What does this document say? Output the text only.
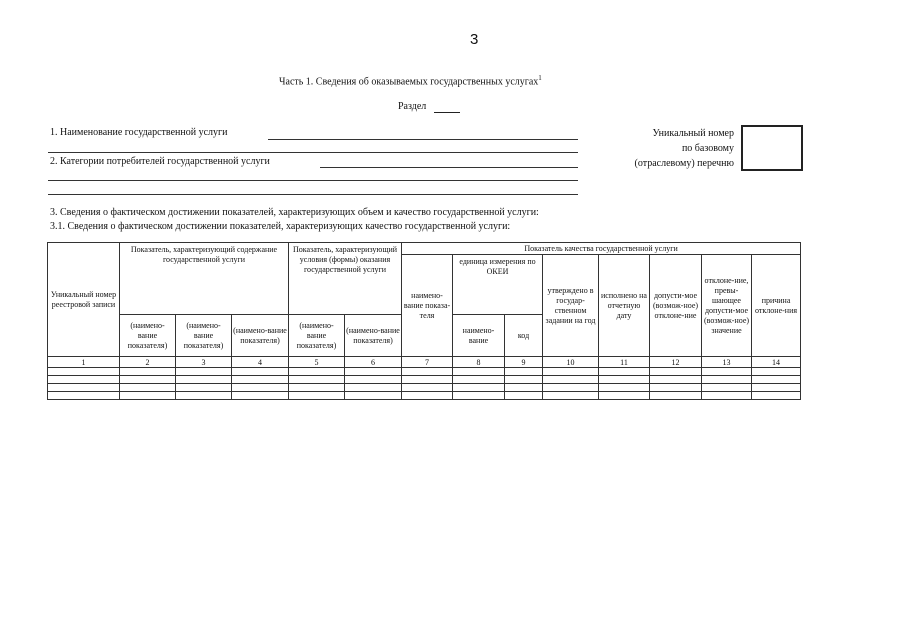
3
Часть 1. Сведения об оказываемых государственных услугах$^1$
Раздел
1. Наименование государственной услуги
2. Категории потребителей государственной услуги
Уникальный номер
по базовому
(отраслевому) перечню
3. Сведения о фактическом достижении показателей, характеризующих объем и качество государственной услуги:
3.1. Сведения о фактическом достижении показателей, характеризующих качество государственной услуги:
Уникальный номер реестровой записи	Показатель, характеризующий содержание государственной услуги			Показатель, характеризующий условия (формы) оказания государственной услуги		Показатель качества государственной услуги							
						наимено-вание показа-теля	единица измерения по ОКЕИ		утверждено в государ-ственном задании на год	исполнено на отчетную дату	допусти-мое (возмож-ное) отклоне-ние	отклоне-ние, превы-шающее допусти-мое (возмож-ное) значение	причина отклоне-ния
	(наимено-вание показателя)	(наимено-вание показателя)	(наимено-вание показателя)	(наимено-вание показателя)	(наимено-вание показателя)		наимено-вание	код					
1	2	3	4	5	6	7	8	9	10	11	12	13	14
